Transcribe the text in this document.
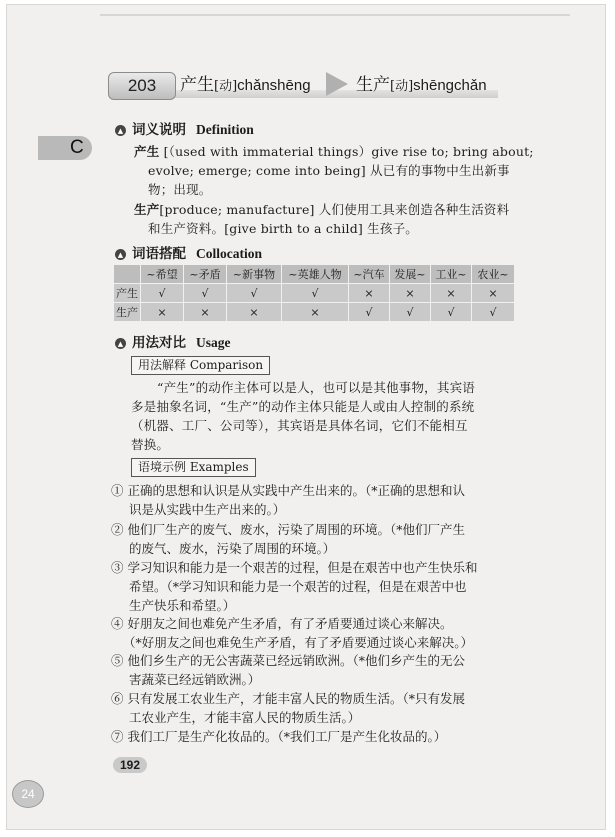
203	产生[动]chǎnshēng	生产[动]shēngchǎn
C
▲ 词义说明 Definition
产生 [（used with immaterial things）give rise to; bring about;
evolve; emerge; come into being] 从已有的事物中生出新事
物；出现。
生产[produce; manufacture] 人们使用工具来创造各种生活资料
和生产资料。[give birth to a child] 生孩子。
▲ 词语搭配 Collocation
	~希望	~矛盾	~新事物	~英雄人物	~汽车	发展~	工业~	农业~
产生	√	√	√	√	×	×	×	×
生产	×	×	×	×	√	√	√	√
▲ 用法对比 Usage
用法解释 Comparison
“产生”的动作主体可以是人，也可以是其他事物，其宾语
多是抽象名词，“生产”的动作主体只能是人或由人控制的系统
（机器、工厂、公司等），其宾语是具体名词，它们不能相互
替换。
语境示例 Examples
① 正确的思想和认识是从实践中产生出来的。（*正确的思想和认
识是从实践中生产出来的。）
② 他们厂生产的废气、废水，污染了周围的环境。（*他们厂产生
的废气、废水，污染了周围的环境。）
③ 学习知识和能力是一个艰苦的过程，但是在艰苦中也产生快乐和
希望。（*学习知识和能力是一个艰苦的过程，但是在艰苦中也
生产快乐和希望。）
④ 好朋友之间也难免产生矛盾，有了矛盾要通过谈心来解决。
（*好朋友之间也难免生产矛盾，有了矛盾要通过谈心来解决。）
⑤ 他们乡生产的无公害蔬菜已经远销欧洲。（*他们乡产生的无公
害蔬菜已经远销欧洲。）
⑥ 只有发展工农业生产，才能丰富人民的物质生活。（*只有发展
工农业产生，才能丰富人民的物质生活。）
⑦ 我们工厂是生产化妆品的。（*我们工厂是产生化妆品的。）
192
24
